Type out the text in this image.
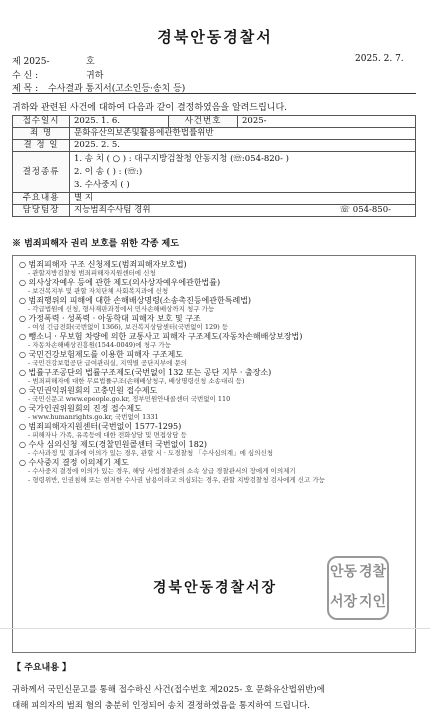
경북안동경찰서
제 2025-	호	2025. 2. 7.
수 신 :	귀하
제 목 : 수사결과 통지서(고소인등·송치 등)
귀하와 관련된 사건에 대하여 다음과 같이 결정하였음을 알려드립니다.
접수일시	2025. 1. 6.	사건번호	2025-
죄 명	문화유산의보존및활용에관한법률위반		
결 정 일	2025. 2. 5.		
결정종류	1. 송 치 ( ○ ) : 대구지방검찰청 안동지청 (☏:054-820- )
2. 이 송 ( ) : (☏:)
3. 수사중지 ( )		

주요내용	별 지		
담당팀장	지능범죄수사팀 경위 ☏ 054-850-		
※ 범죄피해자 권리 보호를 위한 각종 제도
○ 범죄피해자 구조 신청제도(범죄피해자보호법)
- 관할지방검찰청 범죄피해자지원센터에 신청
○ 의사상자예우 등에 관한 제도(의사상자예우에관한법률)
- 보건복지부 및 관할 자치단체 사회복지과에 신청
○ 범죄행위의 피해에 대한 손해배상명령(소송촉진등에관한특례법)
- 각급법원에 신청, 형사재판과정에서 민사손해배상까지 청구 가능
○ 가정폭력 · 성폭력 · 아동학대 피해자 보호 및 구조
- 여성 긴급전화(국번없이 1366), 보건복지상담센터(국번없이 129) 등
○ 뺑소니 · 무보험 차량에 의한 교통사고 피해자 구조제도(자동차손해배상보장법)
- 자동차손해배상진흥원(1544-0049)에 청구 가능
○ 국민건강보험제도를 이용한 피해자 구조제도
- 국민건강보험공단 급여관리실, 지역별 공단지부에 문의
○ 법률구조공단의 법률구조제도(국번없이 132 또는 공단 지부 · 출장소)
- 범죄피해자에 대한 무료법률구조(손해배상청구, 배상명령신청 소송대리 등)
○ 국민권익위원회의 고충민원 접수제도
- 국민신문고 www.epeople.go.kr, 정부민원안내콜센터 국번없이 110
○ 국가인권위원회의 진정 접수제도
- www.humanrights.go.kr, 국번없이 1331
○ 범죄피해자지원센터(국번없이 1577-1295)
- 피해자나 가족, 유족등에 대한 전화상담 및 면접상담 등
○ 수사 심의신청 제도(경찰민원콜센터 국번없이 182)
- 수사과정 및 결과에 이의가 있는 경우, 관할 시 · 도경찰청 「수사심의계」에 심의신청
○ 수사중지 결정 이의제기 제도
- 수사중지 결정에 이의가 있는 경우, 해당 사법경찰관의 소속 상급 경찰관서의 장에게 이의제기
- 형령위반, 인권침해 또는 현저한 수사권 남용이라고 의심되는 경우, 관할 지방검찰청 검사에게 신고 가능
경북안동경찰서장
안동 경찰
서장 지인
【 주요내용 】
귀하께서 국민신문고를 통해 접수하신 사건(접수번호 제2025- 호 문화유산법위반)에
대해 피의자의 범죄 혐의 충분히 인정되어 송치 결정하였음을 통지하여 드립니다.
